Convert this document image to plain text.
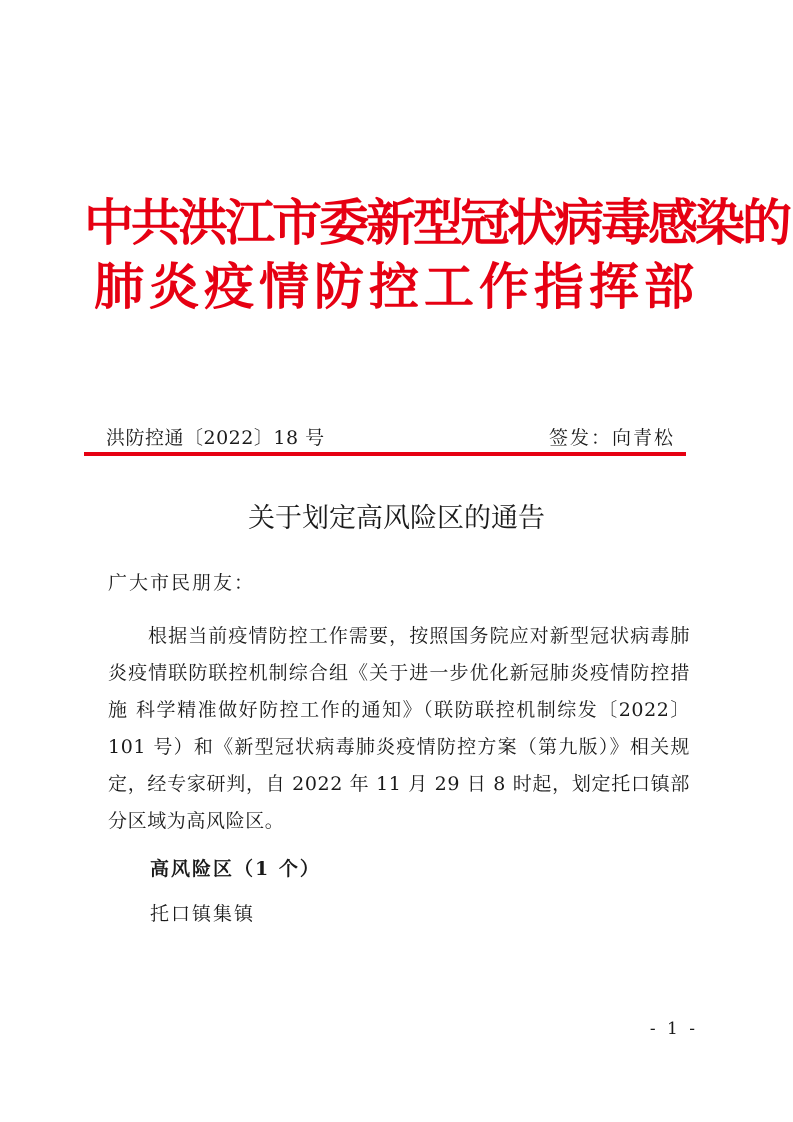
中共洪江市委新型冠状病毒感染的
肺炎疫情防控工作指挥部
洪防控通〔2022〕18 号	签发：向青松
关于划定高风险区的通告
广大市民朋友：

根据当前疫情防控工作需要，按照国务院应对新型冠状病毒肺炎疫情联防联控机制综合组《关于进一步优化新冠肺炎疫情防控措施 科学精准做好防控工作的通知》（联防联控机制综发〔2022〕101 号）和《新型冠状病毒肺炎疫情防控方案（第九版）》相关规定，经专家研判，自 2022 年 11 月 29 日 8 时起，划定托口镇部分区域为高风险区。

高风险区（1 个）
托口镇集镇
- 1 -
